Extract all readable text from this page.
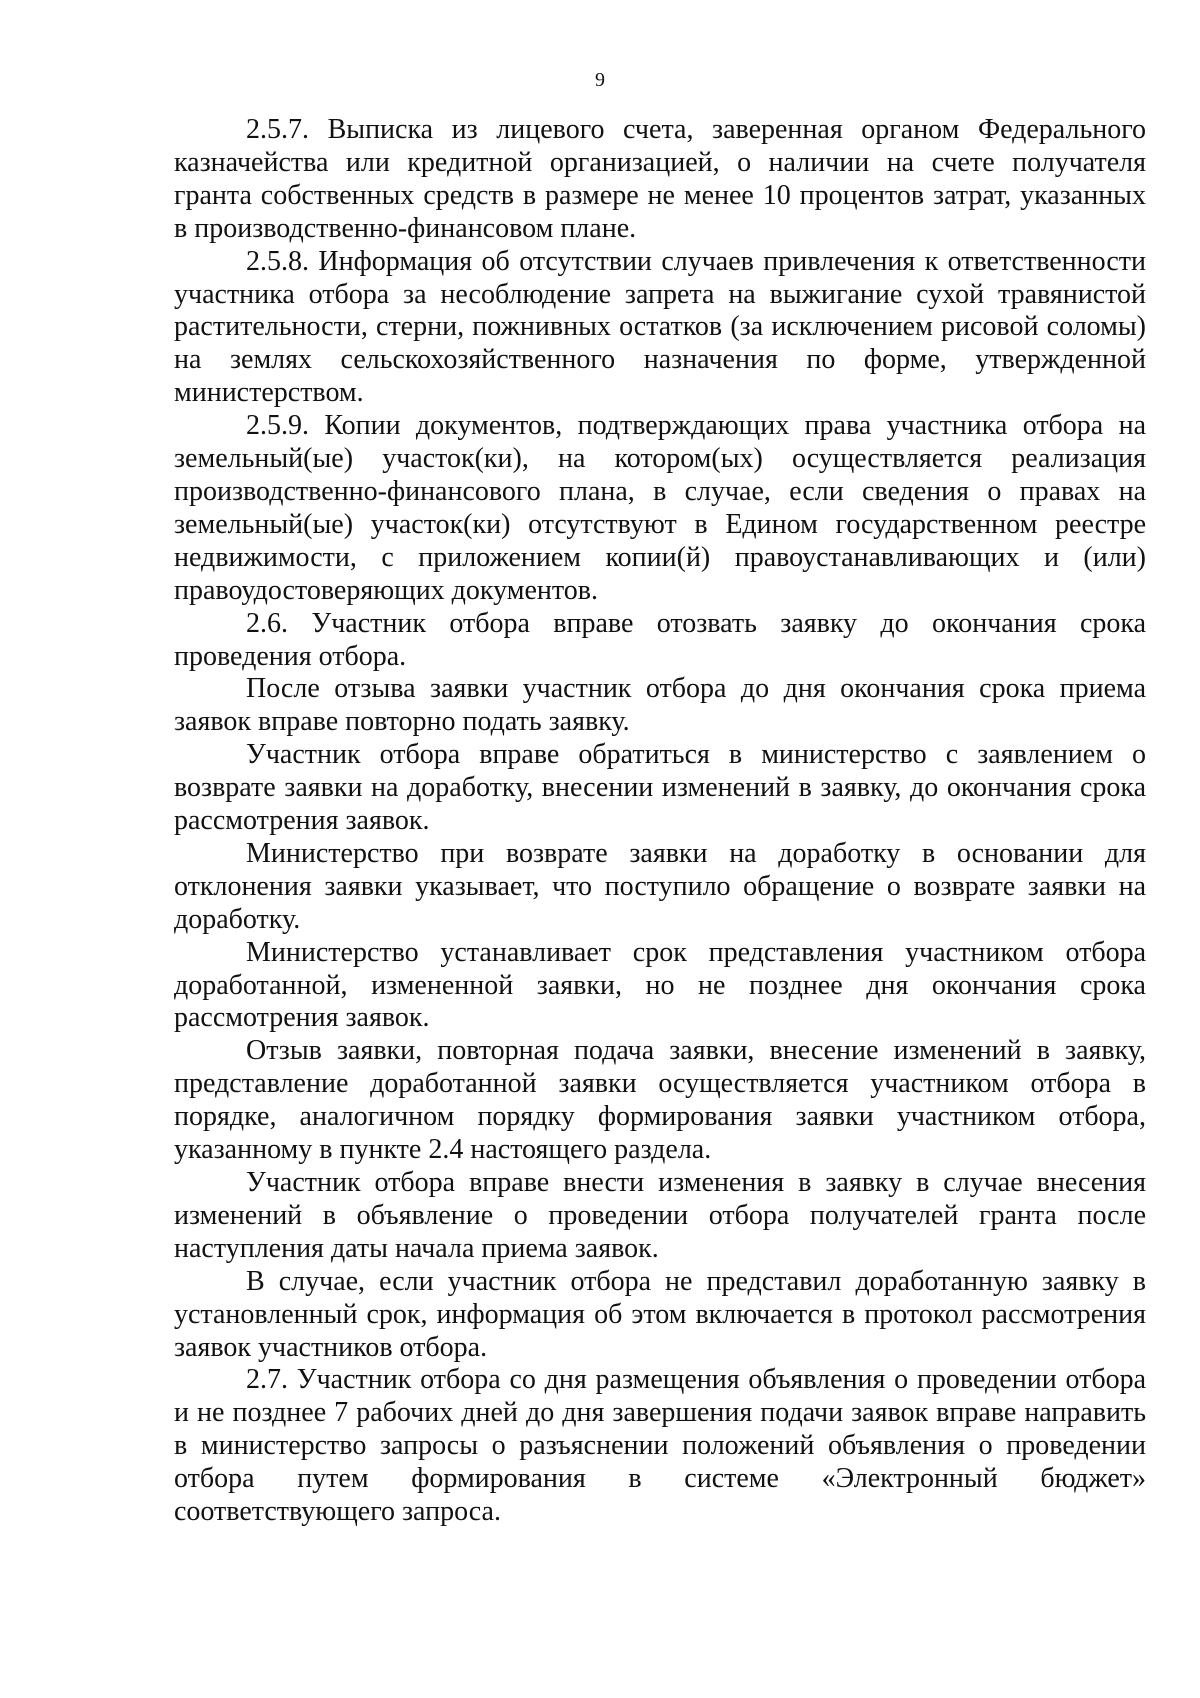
9

2.5.7. Выписка из лицевого счета, заверенная органом Федерального казначейства или кредитной организацией, о наличии на счете получателя гранта собственных средств в размере не менее 10 процентов затрат, указанных в производственно-финансовом плане.

2.5.8. Информация об отсутствии случаев привлечения к ответственности участника отбора за несоблюдение запрета на выжигание сухой травянистой растительности, стерни, пожнивных остатков (за исключением рисовой соломы) на землях сельскохозяйственного назначения по форме, утвержденной министерством.

2.5.9. Копии документов, подтверждающих права участника отбора на земельный(ые) участок(ки), на котором(ых) осуществляется реализация производственно-финансового плана, в случае, если сведения о правах на земельный(ые) участок(ки) отсутствуют в Едином государственном реестре недвижимости, с приложением копии(й) правоустанавливающих и (или) правоудостоверяющих документов.

2.6. Участник отбора вправе отозвать заявку до окончания срока проведения отбора.

После отзыва заявки участник отбора до дня окончания срока приема заявок вправе повторно подать заявку.

Участник отбора вправе обратиться в министерство с заявлением о возврате заявки на доработку, внесении изменений в заявку, до окончания срока рассмотрения заявок.

Министерство при возврате заявки на доработку в основании для отклонения заявки указывает, что поступило обращение о возврате заявки на доработку.

Министерство устанавливает срок представления участником отбора доработанной, измененной заявки, но не позднее дня окончания срока рассмотрения заявок.

Отзыв заявки, повторная подача заявки, внесение изменений в заявку, представление доработанной заявки осуществляется участником отбора в порядке, аналогичном порядку формирования заявки участником отбора, указанному в пункте 2.4 настоящего раздела.

Участник отбора вправе внести изменения в заявку в случае внесения изменений в объявление о проведении отбора получателей гранта после наступления даты начала приема заявок.

В случае, если участник отбора не представил доработанную заявку в установленный срок, информация об этом включается в протокол рассмотрения заявок участников отбора.

2.7. Участник отбора со дня размещения объявления о проведении отбора и не позднее 7 рабочих дней до дня завершения подачи заявок вправе направить в министерство запросы о разъяснении положений объявления о проведении отбора путем формирования в системе «Электронный бюджет» соответствующего запроса.
